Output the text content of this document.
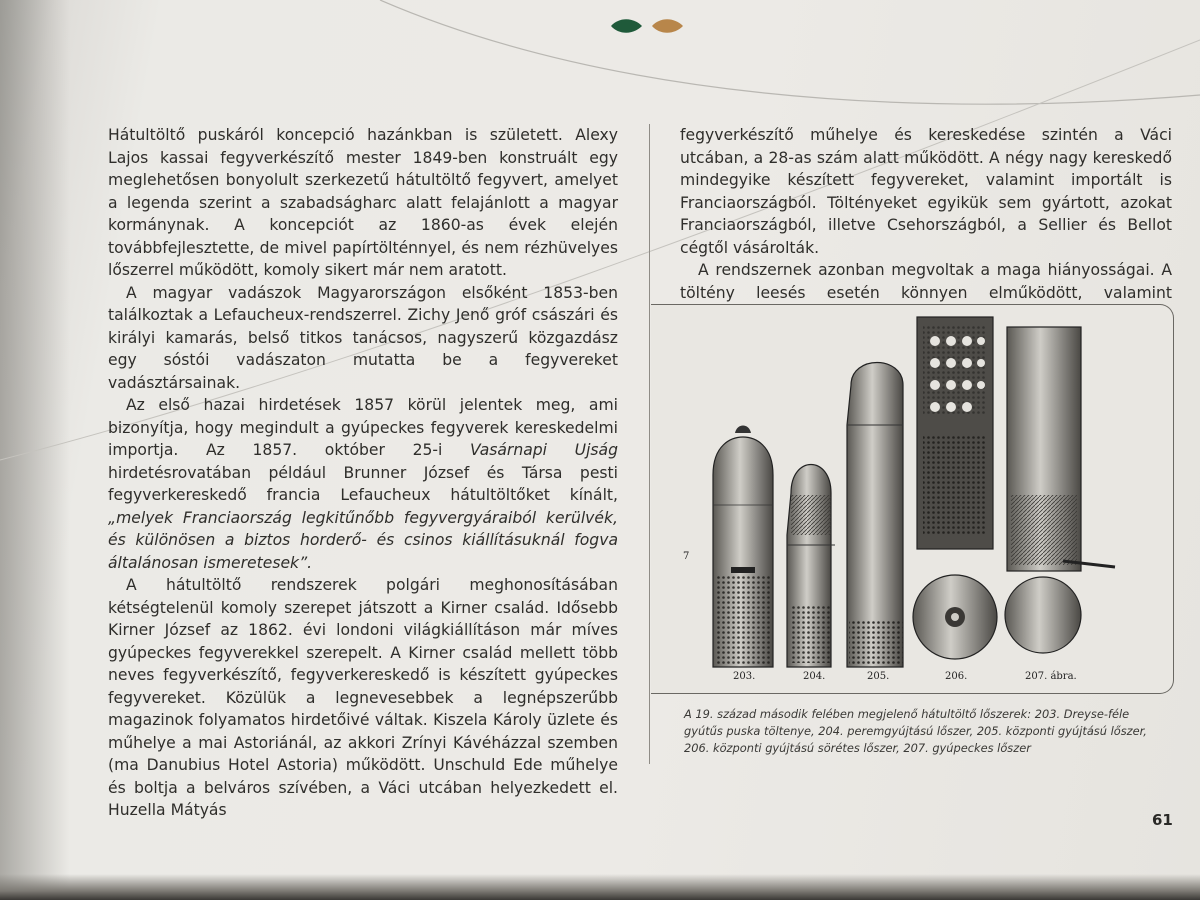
Hátultöltő puskáról koncepció hazánkban is született. Alexy Lajos kassai fegyverkészítő mester 1849-ben konstruált egy meglehetősen bonyolult szerkezetű hátultöltő fegyvert, amelyet a legenda szerint a szabadságharc alatt felajánlott a magyar kormánynak. A koncepciót az 1860-as évek elején továbbfejlesztette, de mivel papírtölténnyel, és nem rézhüvelyes lőszerrel működött, komoly sikert már nem aratott.

A magyar vadászok Magyarországon elsőként 1853-ben találkoztak a Lefaucheux-rendszerrel. Zichy Jenő gróf császári és királyi kamarás, belső titkos tanácsos, nagyszerű közgazdász egy sóstói vadászaton mutatta be a fegyvereket vadásztársainak.

Az első hazai hirdetések 1857 körül jelentek meg, ami bizonyítja, hogy megindult a gyúpeckes fegyverek kereskedelmi importja. Az 1857. október 25-i Vasárnapi Ujság hirdetésrovatában például Brunner József és Társa pesti fegyverkereskedő francia Lefaucheux hátultöltőket kínált, „melyek Franciaország legkitűnőbb fegyvergyáraiból kerülvék, és különösen a biztos horderő- és csinos kiállításuknál fogva általánosan ismeretesek”.

A hátultöltő rendszerek polgári meghonosításában kétségtelenül komoly szerepet játszott a Kirner család. Idősebb Kirner József az 1862. évi londoni világkiállításon már míves gyúpeckes fegyverekkel szerepelt. A Kirner család mellett több neves fegyverkészítő, fegyverkereskedő is készített gyúpeckes fegyvereket. Közülük a legnevesebbek a legnépszerűbb magazinok folyamatos hirdetőivé váltak. Kiszela Károly üzlete és műhelye a mai Astoriánál, az akkori Zrínyi Kávéházzal szemben (ma Danubius Hotel Astoria) működött. Unschuld Ede műhelye és boltja a belváros szívében, a Váci utcában helyezkedett el. Huzella Mátyás

fegyverkészítő műhelye és kereskedése szintén a Váci utcában, a 28-as szám alatt működött. A négy nagy kereskedő mindegyike készített fegyvereket, valamint importált is Franciaországból. Töltényeket egyikük sem gyártott, azokat Franciaországból, illetve Csehországból, a Sellier és Bellot cégtől vásárolták.

A rendszernek azonban megvoltak a maga hiányosságai. A töltény leesés esetén könnyen elműködött, valamint

7
203.	204.	205.	206.	207. ábra.
A 19. század második felében megjelenő hátultöltő lőszerek: 203. Dreyse-féle gyútűs puska töltenye, 204. peremgyújtású lőszer, 205. központi gyújtású lőszer, 206. központi gyújtású sörétes lőszer, 207. gyúpeckes lőszer
61
